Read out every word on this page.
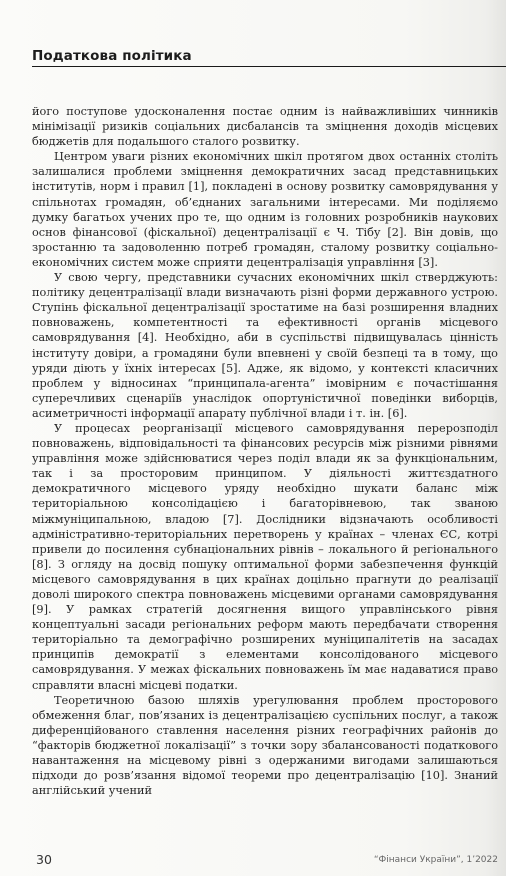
Податкова політика

його поступове удосконалення постає одним із найважливіших чинників мінімізації ризиків соціальних дисбалансів та зміцнення доходів місцевих бюджетів для подальшого сталого розвитку.

Центром уваги різних економічних шкіл протягом двох останніх століть залишалися проблеми зміцнення демократичних засад представницьких інститутів, норм і правил [1], покладені в основу розвитку самоврядування у спільнотах громадян, об’єднаних загальними інтересами. Ми поділяємо думку багатьох учених про те, що одним із головних розробників наукових основ фінансової (фіскальної) децентралізації є Ч. Тібу [2]. Він довів, що зростанню та задоволенню потреб громадян, сталому розвитку соціально-економічних систем може сприяти децентралізація управління [3].

У свою чергу, представники сучасних економічних шкіл стверджують: політику децентралізації влади визначають різні форми державного устрою. Ступінь фіскальної децентралізації зростатиме на базі розширення владних повноважень, компетентності та ефективності органів місцевого самоврядування [4]. Необхідно, аби в суспільстві підвищувалась цінність інституту довіри, а громадяни були впевнені у своїй безпеці та в тому, що уряди діють у їхніх інтересах [5]. Адже, як відомо, у контексті класичних проблем у відносинах “принципала-агента” імовірним є почастішання суперечливих сценаріїв унаслідок опортуністичної поведінки виборців, асиметричності інформації апарату публічної влади і т. ін. [6].

У процесах реорганізації місцевого самоврядування перерозподіл повноважень, відповідальності та фінансових ресурсів між різними рівнями управління може здійснюватися через поділ влади як за функціональним, так і за просторовим принципом. У діяльності життєздатного демократичного місцевого уряду необхідно шукати баланс між територіальною консолідацією і багаторівневою, так званою міжмуніципальною, владою [7]. Дослідники відзначають особливості адміністративно-територіальних перетворень у країнах – членах ЄС, котрі привели до посилення субнаціональних рівнів – локального й регіонального [8]. З огляду на досвід пошуку оптимальної форми забезпечення функцій місцевого самоврядування в цих країнах доцільно прагнути до реалізації доволі широкого спектра повноважень місцевими органами самоврядування [9]. У рамках стратегій досягнення вищого управлінського рівня концептуальні засади регіональних реформ мають передбачати створення територіально та демографічно розширених муніципалітетів на засадах принципів демократії з елементами консолідованого місцевого самоврядування. У межах фіскальних повноважень їм має надаватися право справляти власні місцеві податки.

Теоретичною базою шляхів урегулювання проблем просторового обмеження благ, пов’язаних із децентралізацією суспільних послуг, а також диференційованого ставлення населення різних географічних районів до “факторів бюджетної локалізації” з точки зору збалансованості податкового навантаження на місцевому рівні з одержаними вигодами залишаються підходи до розв’язання відомої теореми про децентралізацію [10]. Знаний англійський учений

30	“Фінанси України”, 1’2022
